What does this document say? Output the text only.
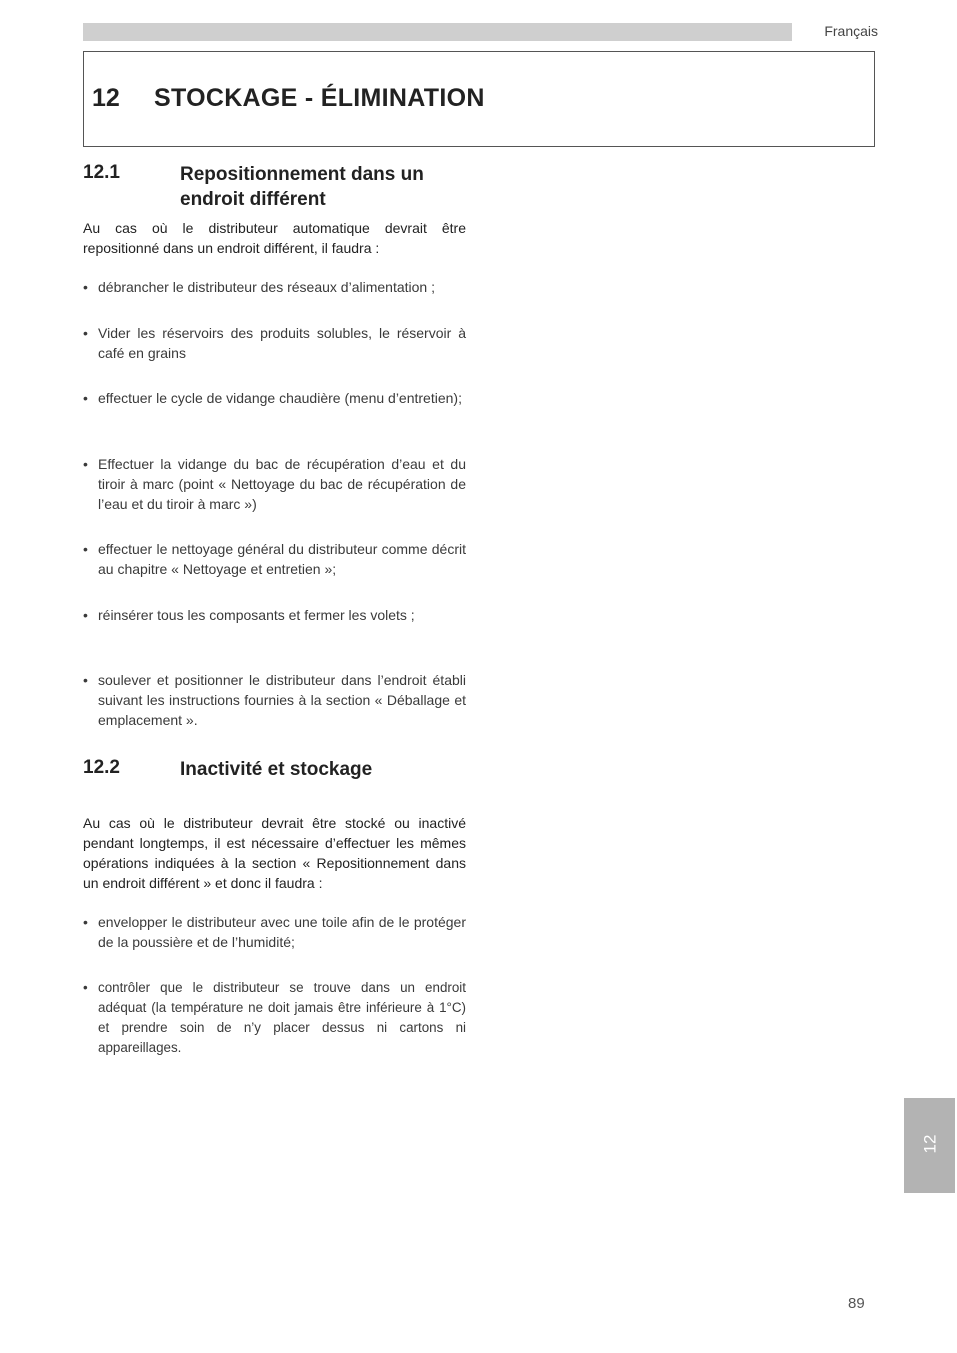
Français
12 STOCKAGE - ÉLIMINATION
12.1	Repositionnement dans un endroit différent
Au cas où le distributeur automatique devrait être repositionné dans un endroit différent, il faudra :
• débrancher le distributeur des réseaux d’alimentation ;
• Vider les réservoirs des produits solubles, le réservoir à café en grains
• effectuer le cycle de vidange chaudière (menu d’entretien);
• Effectuer la vidange du bac de récupération d’eau et du tiroir à marc (point « Nettoyage du bac de récupération de l’eau et du tiroir à marc »)
• effectuer le nettoyage général du distributeur comme décrit au chapitre « Nettoyage et entretien »;
• réinsérer tous les composants et fermer les volets ;
• soulever et positionner le distributeur dans l’endroit établi suivant les instructions fournies à la section « Déballage et emplacement ».
12.2	Inactivité et stockage
Au cas où le distributeur devrait être stocké ou inactivé pendant longtemps, il est nécessaire d’effectuer les mêmes opérations indiquées à la section « Repositionnement dans un endroit différent » et donc il faudra :
• envelopper le distributeur avec une toile afin de le protéger de la poussière et de l’humidité;
• contrôler que le distributeur se trouve dans un endroit adéquat (la température ne doit jamais être inférieure à 1°C) et prendre soin de n’y placer dessus ni cartons ni appareillages.
12
89
